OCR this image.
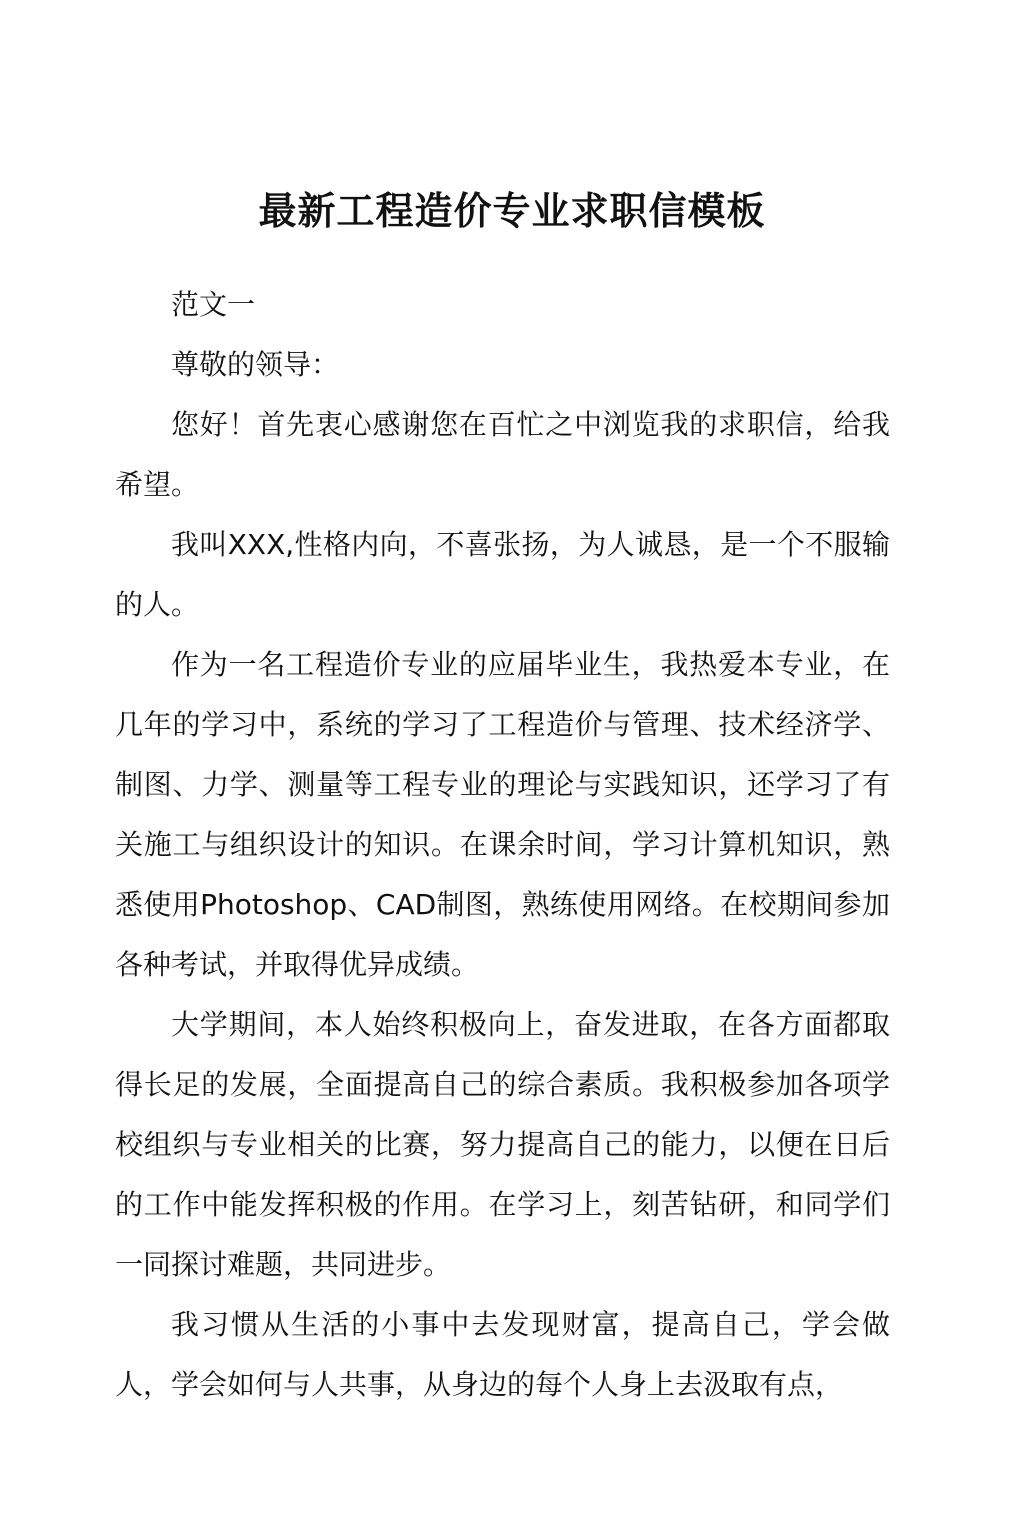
最新工程造价专业求职信模板

范文一

尊敬的领导：

您好！首先衷心感谢您在百忙之中浏览我的求职信，给我希望。

我叫XXX,性格内向，不喜张扬，为人诚恳，是一个不服输的人。

作为一名工程造价专业的应届毕业生，我热爱本专业，在几年的学习中，系统的学习了工程造价与管理、技术经济学、制图、力学、测量等工程专业的理论与实践知识，还学习了有关施工与组织设计的知识。在课余时间，学习计算机知识，熟悉使用Photoshop、CAD制图，熟练使用网络。在校期间参加各种考试，并取得优异成绩。

大学期间，本人始终积极向上，奋发进取，在各方面都取得长足的发展，全面提高自己的综合素质。我积极参加各项学校组织与专业相关的比赛，努力提高自己的能力，以便在日后的工作中能发挥积极的作用。在学习上，刻苦钻研，和同学们一同探讨难题，共同进步。

我习惯从生活的小事中去发现财富，提高自己，学会做人，学会如何与人共事，从身边的每个人身上去汲取有点，
